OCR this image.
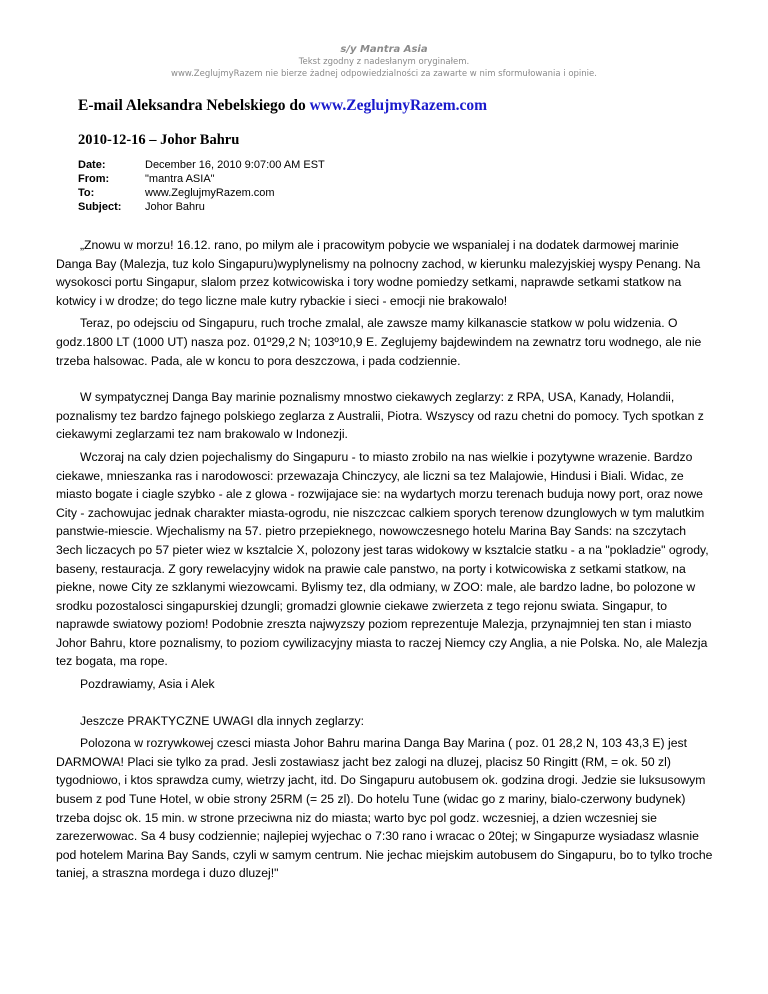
s/y Mantra Asia
Tekst zgodny z nadesłanym oryginałem.
www.ZeglujmyRazem nie bierze żadnej odpowiedzialności za zawarte w nim sformułowania i opinie.
E-mail Aleksandra Nebelskiego do www.ZeglujmyRazem.com
2010-12-16 – Johor Bahru
Date:	December 16, 2010 9:07:00 AM EST
From:	"mantra ASIA"
To:	www.ZeglujmyRazem.com
Subject:	Johor Bahru

„Znowu w morzu! 16.12. rano, po milym ale i pracowitym pobycie we wspanialej i na dodatek darmowej marinie Danga Bay (Malezja, tuz kolo Singapuru)wyplynelismy na polnocny zachod, w kierunku malezyjskiej wyspy Penang. Na wysokosci portu Singapur, slalom przez kotwicowiska i tory wodne pomiedzy setkami, naprawde setkami statkow na kotwicy i w drodze; do tego liczne male kutry rybackie i sieci - emocji nie brakowalo!

Teraz, po odejsciu od Singapuru, ruch troche zmalal, ale zawsze mamy kilkanascie statkow w polu widzenia. O godz.1800 LT (1000 UT) nasza poz. 01º29,2 N; 103º10,9 E. Zeglujemy bajdewindem na zewnatrz toru wodnego, ale nie trzeba halsowac. Pada, ale w koncu to pora deszczowa, i pada codziennie.

W sympatycznej Danga Bay marinie poznalismy mnostwo ciekawych zeglarzy: z RPA, USA, Kanady, Holandii, poznalismy tez bardzo fajnego polskiego zeglarza z Australii, Piotra. Wszyscy od razu chetni do pomocy. Tych spotkan z ciekawymi zeglarzami tez nam brakowalo w Indonezji.

Wczoraj na caly dzien pojechalismy do Singapuru - to miasto zrobilo na nas wielkie i pozytywne wrazenie. Bardzo ciekawe, mnieszanka ras i narodowosci: przewazaja Chinczycy, ale liczni sa tez Malajowie, Hindusi i Biali. Widac, ze miasto bogate i ciagle szybko - ale z glowa - rozwijajace sie: na wydartych morzu terenach buduja nowy port, oraz nowe City - zachowujac jednak charakter miasta-ogrodu, nie niszczcac calkiem sporych terenow dzunglowych w tym malutkim panstwie-miescie. Wjechalismy na 57. pietro przepieknego, nowowczesnego hotelu Marina Bay Sands: na szczytach 3ech liczacych po 57 pieter wiez w ksztalcie X, polozony jest taras widokowy w ksztalcie statku - a na "pokladzie" ogrody, baseny, restauracja. Z gory rewelacyjny widok na prawie cale panstwo, na porty i kotwicowiska z setkami statkow, na piekne, nowe City ze szklanymi wiezowcami. Bylismy tez, dla odmiany, w ZOO: male, ale bardzo ladne, bo polozone w srodku pozostalosci singapurskiej dzungli; gromadzi glownie ciekawe zwierzeta z tego rejonu swiata. Singapur, to naprawde swiatowy poziom! Podobnie zreszta najwyzszy poziom reprezentuje Malezja, przynajmniej ten stan i miasto Johor Bahru, ktore poznalismy, to poziom cywilizacyjny miasta to raczej Niemcy czy Anglia, a nie Polska. No, ale Malezja tez bogata, ma rope.

Pozdrawiamy, Asia i Alek

Jeszcze PRAKTYCZNE UWAGI dla innych zeglarzy:

Polozona w rozrywkowej czesci miasta Johor Bahru marina Danga Bay Marina ( poz. 01 28,2 N, 103 43,3 E) jest DARMOWA! Placi sie tylko za prad. Jesli zostawiasz jacht bez zalogi na dluzej, placisz 50 Ringitt (RM, = ok. 50 zl) tygodniowo, i ktos sprawdza cumy, wietrzy jacht, itd. Do Singapuru autobusem ok. godzina drogi. Jedzie sie luksusowym busem z pod Tune Hotel, w obie strony 25RM (= 25 zl). Do hotelu Tune (widac go z mariny, bialo-czerwony budynek) trzeba dojsc ok. 15 min. w strone przeciwna niz do miasta; warto byc pol godz. wczesniej, a dzien wczesniej sie zarezerwowac. Sa 4 busy codziennie; najlepiej wyjechac o 7:30 rano i wracac o 20tej; w Singapurze wysiadasz wlasnie pod hotelem Marina Bay Sands, czyli w samym centrum. Nie jechac miejskim autobusem do Singapuru, bo to tylko troche taniej, a straszna mordega i duzo dluzej!"
